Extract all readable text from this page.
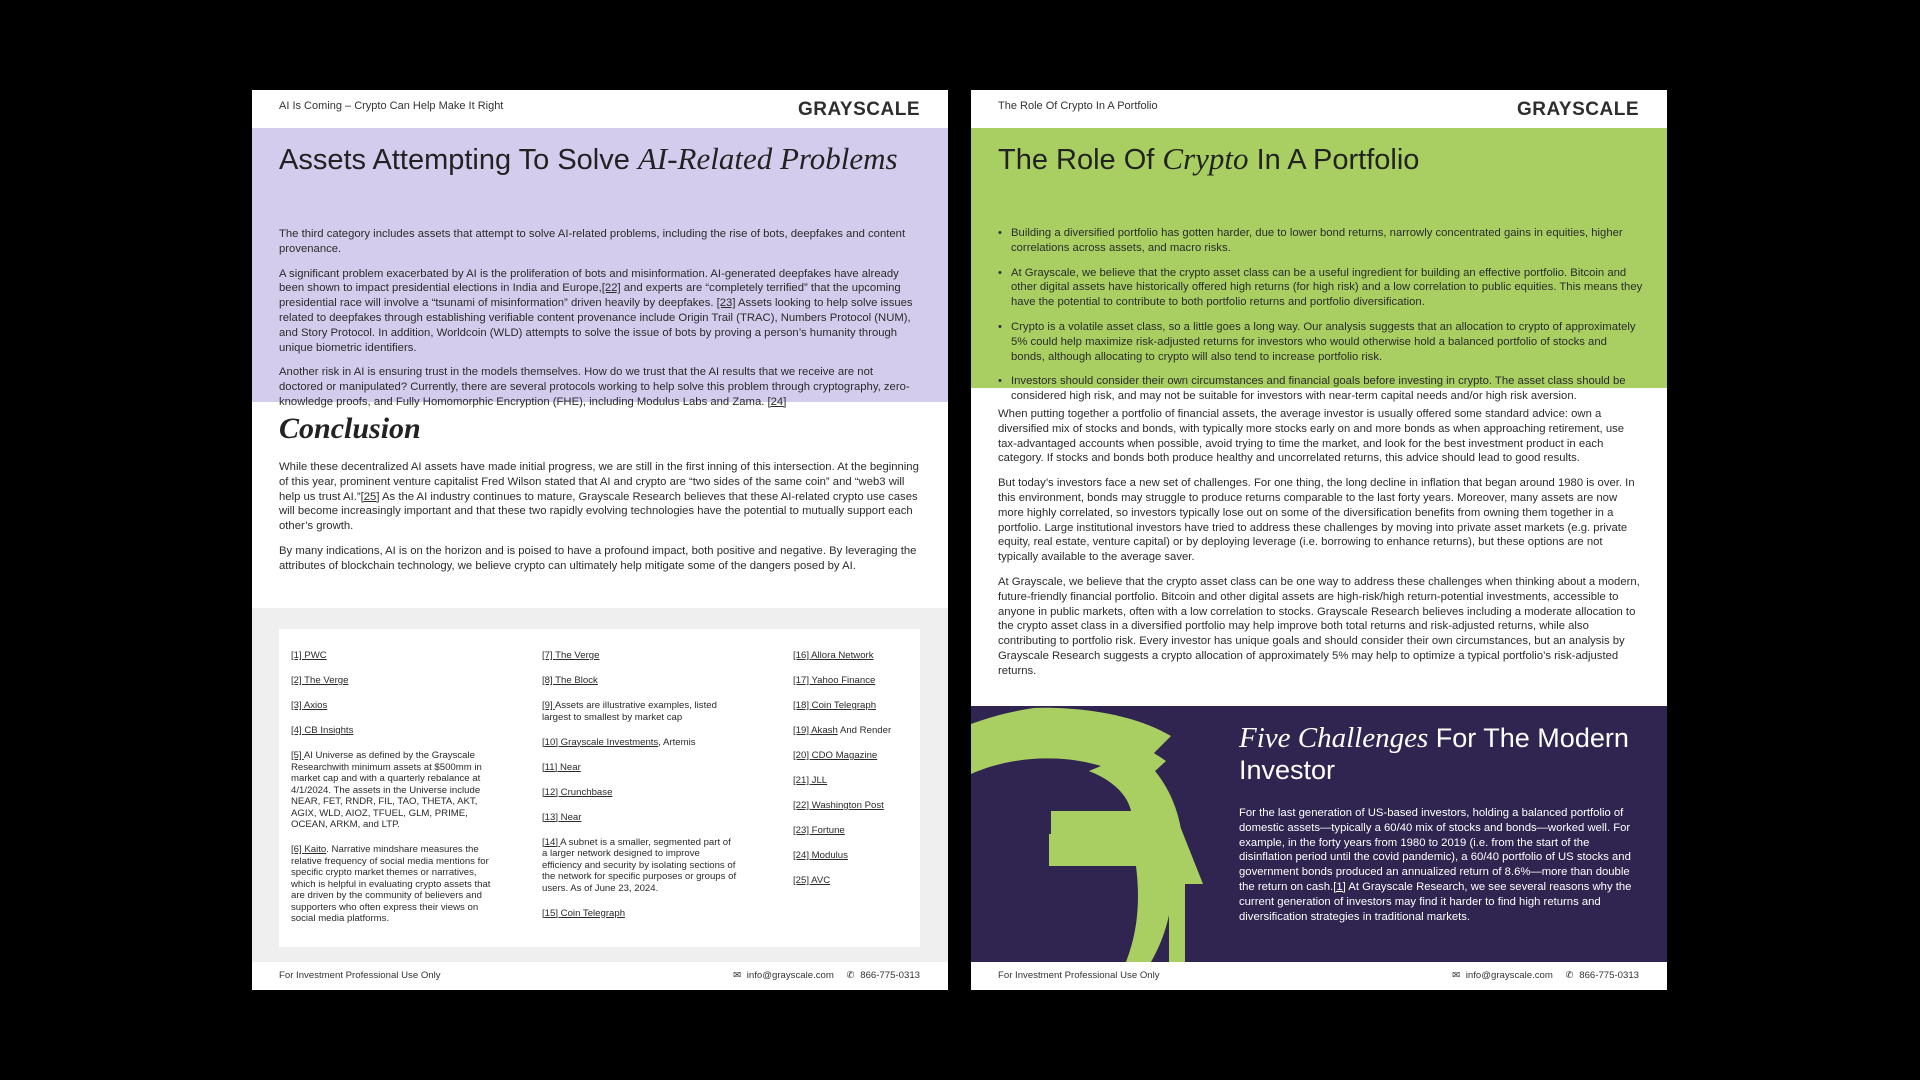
AI Is Coming – Crypto Can Help Make It Right	GRAYSCALE
Assets Attempting To Solve AI-Related Problems

The third category includes assets that attempt to solve AI-related problems, including the rise of bots, deepfakes and content provenance.

A significant problem exacerbated by AI is the proliferation of bots and misinformation. AI-generated deepfakes have already been shown to impact presidential elections in India and Europe,[22] and experts are “completely terrified” that the upcoming presidential race will involve a “tsunami of misinformation” driven heavily by deepfakes. [23] Assets looking to help solve issues related to deepfakes through establishing verifiable content provenance include Origin Trail (TRAC), Numbers Protocol (NUM), and Story Protocol. In addition, Worldcoin (WLD) attempts to solve the issue of bots by proving a person’s humanity through unique biometric identifiers.

Another risk in AI is ensuring trust in the models themselves. How do we trust that the AI results that we receive are not doctored or manipulated? Currently, there are several protocols working to help solve this problem through cryptography, zero-knowledge proofs, and Fully Homomorphic Encryption (FHE), including Modulus Labs and Zama. [24]

Conclusion

While these decentralized AI assets have made initial progress, we are still in the first inning of this intersection. At the beginning of this year, prominent venture capitalist Fred Wilson stated that AI and crypto are “two sides of the same coin” and “web3 will help us trust AI.”[25] As the AI industry continues to mature, Grayscale Research believes that these AI-related crypto use cases will become increasingly important and that these two rapidly evolving technologies have the potential to mutually support each other’s growth.

By many indications, AI is on the horizon and is poised to have a profound impact, both positive and negative. By leveraging the attributes of blockchain technology, we believe crypto can ultimately help mitigate some of the dangers posed by AI.

[1] PWC
[2] The Verge
[3] Axios
[4] CB Insights
[5] AI Universe as defined by the Grayscale Researchwith minimum assets at $500mm in market cap and with a quarterly rebalance at 4/1/2024. The assets in the Universe include NEAR, FET, RNDR, FIL, TAO, THETA, AKT, AGIX, WLD, AIOZ, TFUEL, GLM, PRIME, OCEAN, ARKM, and LTP.
[6] Kaito. Narrative mindshare measures the relative frequency of social media mentions for specific crypto market themes or narratives, which is helpful in evaluating crypto assets that are driven by the community of believers and supporters who often express their views on social media platforms.
[7] The Verge
[8] The Block
[9] Assets are illustrative examples, listed largest to smallest by market cap
[10] Grayscale Investments, Artemis
[11] Near
[12] Crunchbase
[13] Near
[14] A subnet is a smaller, segmented part of a larger network designed to improve efficiency and security by isolating sections of the network for specific purposes or groups of users. As of June 23, 2024.
[15] Coin Telegraph
[16] Allora Network
[17] Yahoo Finance
[18] Coin Telegraph
[19] Akash And Render
[20] CDO Magazine
[21] JLL
[22] Washington Post
[23] Fortune
[24] Modulus
[25] AVC
For Investment Professional Use Only	✉ info@grayscale.com ✆ 866-775-0313
The Role Of Crypto In A Portfolio	GRAYSCALE
The Role Of Crypto In A Portfolio
• Building a diversified portfolio has gotten harder, due to lower bond returns, narrowly concentrated gains in equities, higher correlations across assets, and macro risks.
• At Grayscale, we believe that the crypto asset class can be a useful ingredient for building an effective portfolio. Bitcoin and other digital assets have historically offered high returns (for high risk) and a low correlation to public equities. This means they have the potential to contribute to both portfolio returns and portfolio diversification.
• Crypto is a volatile asset class, so a little goes a long way. Our analysis suggests that an allocation to crypto of approximately 5% could help maximize risk-adjusted returns for investors who would otherwise hold a balanced portfolio of stocks and bonds, although allocating to crypto will also tend to increase portfolio risk.
• Investors should consider their own circumstances and financial goals before investing in crypto. The asset class should be considered high risk, and may not be suitable for investors with near-term capital needs and/or high risk aversion.

When putting together a portfolio of financial assets, the average investor is usually offered some standard advice: own a diversified mix of stocks and bonds, with typically more stocks early on and more bonds as when approaching retirement, use tax-advantaged accounts when possible, avoid trying to time the market, and look for the best investment product in each category. If stocks and bonds both produce healthy and uncorrelated returns, this advice should lead to good results.

But today’s investors face a new set of challenges. For one thing, the long decline in inflation that began around 1980 is over. In this environment, bonds may struggle to produce returns comparable to the last forty years. Moreover, many assets are now more highly correlated, so investors typically lose out on some of the diversification benefits from owning them together in a portfolio. Large institutional investors have tried to address these challenges by moving into private asset markets (e.g. private equity, real estate, venture capital) or by deploying leverage (i.e. borrowing to enhance returns), but these options are not typically available to the average saver.

At Grayscale, we believe that the crypto asset class can be one way to address these challenges when thinking about a modern, future-friendly financial portfolio. Bitcoin and other digital assets are high-risk/high return-potential investments, accessible to anyone in public markets, often with a low correlation to stocks. Grayscale Research believes including a moderate allocation to the crypto asset class in a diversified portfolio may help improve both total returns and risk-adjusted returns, while also contributing to portfolio risk. Every investor has unique goals and should consider their own circumstances, but an analysis by Grayscale Research suggests a crypto allocation of approximately 5% may help to optimize a typical portfolio’s risk-adjusted returns.

Five Challenges For The Modern Investor

For the last generation of US-based investors, holding a balanced portfolio of domestic assets—typically a 60/40 mix of stocks and bonds—worked well. For example, in the forty years from 1980 to 2019 (i.e. from the start of the disinflation period until the covid pandemic), a 60/40 portfolio of US stocks and government bonds produced an annualized return of 8.6%—more than double the return on cash.[1] At Grayscale Research, we see several reasons why the current generation of investors may find it harder to find high returns and diversification strategies in traditional markets.

For Investment Professional Use Only	✉ info@grayscale.com ✆ 866-775-0313
